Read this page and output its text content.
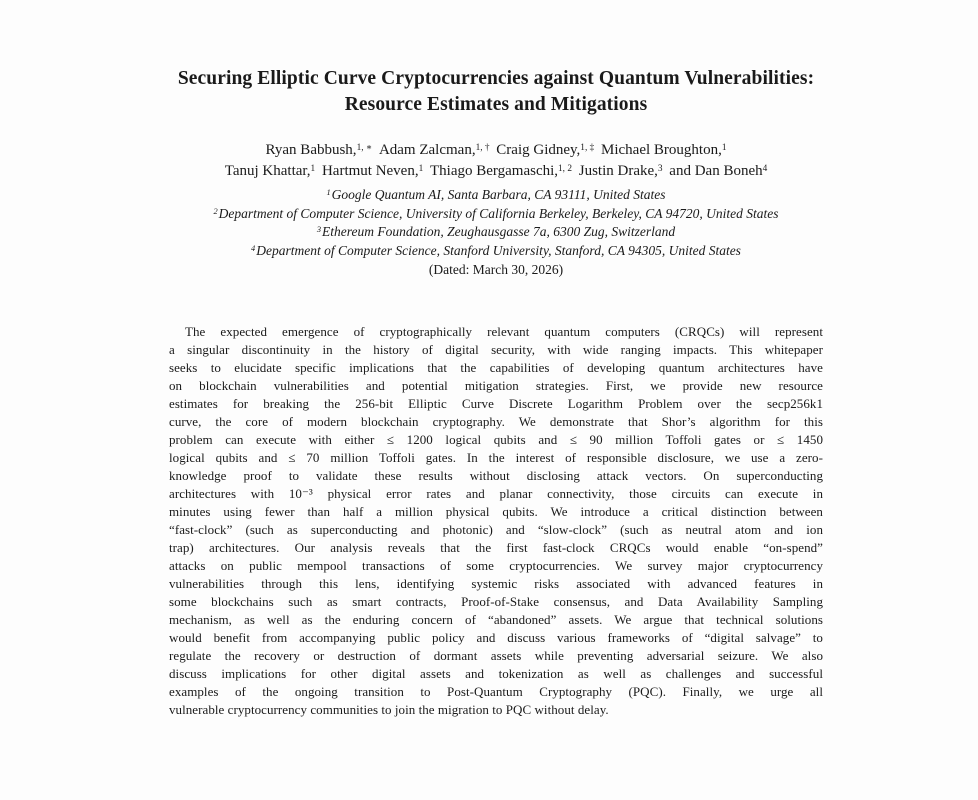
Securing Elliptic Curve Cryptocurrencies against Quantum Vulnerabilities:
Resource Estimates and Mitigations
Ryan Babbush,$^{1, ∗}$ Adam Zalcman,$^{1, \dagger}$ Craig Gidney,$^{1, \ddagger}$ Michael Broughton,$^1$
Tanuj Khattar,$^1$ Hartmut Neven,$^1$ Thiago Bergamaschi,$^{1, 2}$ Justin Drake,$^3$ and Dan Boneh$^4$
$^1$Google Quantum AI, Santa Barbara, CA 93111, United States
$^2$Department of Computer Science, University of California Berkeley, Berkeley, CA 94720, United States
$^3$Ethereum Foundation, Zeughausgasse 7a, 6300 Zug, Switzerland
$^4$Department of Computer Science, Stanford University, Stanford, CA 94305, United States
(Dated: March 30, 2026)
The expected emergence of cryptographically relevant quantum computers (CRQCs) will represent
a singular discontinuity in the history of digital security, with wide ranging impacts. This whitepaper
seeks to elucidate specific implications that the capabilities of developing quantum architectures have
on blockchain vulnerabilities and potential mitigation strategies. First, we provide new resource
estimates for breaking the 256-bit Elliptic Curve Discrete Logarithm Problem over the secp256k1
curve, the core of modern blockchain cryptography. We demonstrate that Shor’s algorithm for this
problem can execute with either ≤ 1200 logical qubits and ≤ 90 million Toffoli gates or ≤ 1450
logical qubits and ≤ 70 million Toffoli gates. In the interest of responsible disclosure, we use a zero-
knowledge proof to validate these results without disclosing attack vectors. On superconducting
architectures with 10⁻³ physical error rates and planar connectivity, those circuits can execute in
minutes using fewer than half a million physical qubits. We introduce a critical distinction between
“fast-clock” (such as superconducting and photonic) and “slow-clock” (such as neutral atom and ion
trap) architectures. Our analysis reveals that the first fast-clock CRQCs would enable “on-spend”
attacks on public mempool transactions of some cryptocurrencies. We survey major cryptocurrency
vulnerabilities through this lens, identifying systemic risks associated with advanced features in
some blockchains such as smart contracts, Proof-of-Stake consensus, and Data Availability Sampling
mechanism, as well as the enduring concern of “abandoned” assets. We argue that technical solutions
would benefit from accompanying public policy and discuss various frameworks of “digital salvage” to
regulate the recovery or destruction of dormant assets while preventing adversarial seizure. We also
discuss implications for other digital assets and tokenization as well as challenges and successful
examples of the ongoing transition to Post-Quantum Cryptography (PQC). Finally, we urge all
vulnerable cryptocurrency communities to join the migration to PQC without delay.
